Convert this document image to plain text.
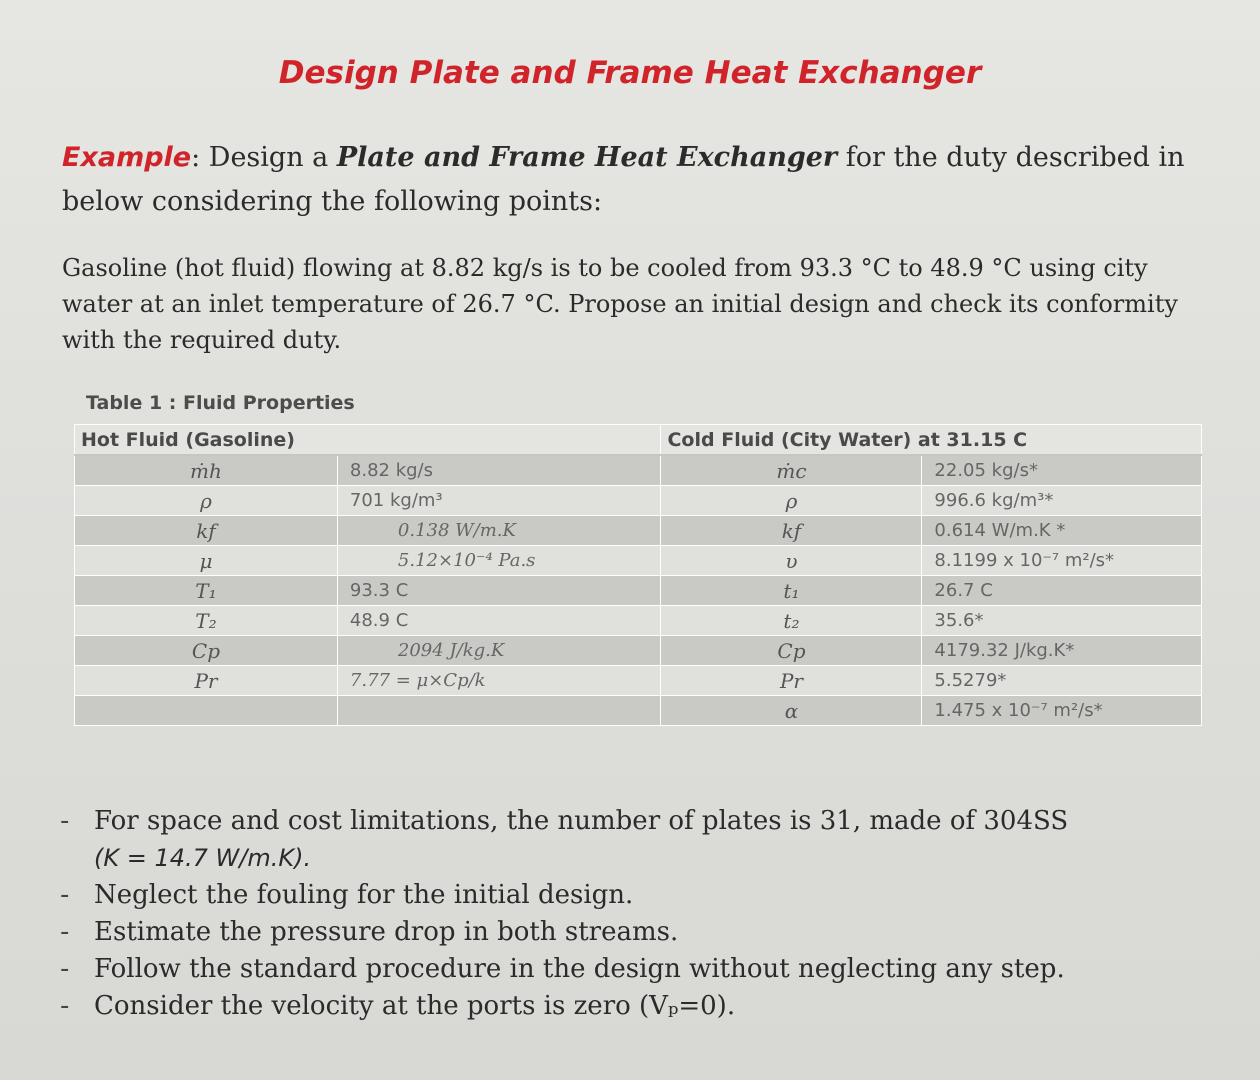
Design Plate and Frame Heat Exchanger
Example: Design a Plate and Frame Heat Exchanger for the duty described in below considering the following points:
Gasoline (hot fluid) flowing at 8.82 kg/s is to be cooled from 93.3 °C to 48.9 °C using city water at an inlet temperature of 26.7 °C. Propose an initial design and check its conformity with the required duty.
Table 1 : Fluid Properties
Hot Fluid (Gasoline)		Cold Fluid (City Water) at 31.15 C	
ṁh	8.82 kg/s	ṁc	22.05 kg/s*
ρ	701 kg/m³	ρ	996.6 kg/m³*
kf	0.138 W/m.K	kf	0.614 W/m.K *
μ	5.12×10⁻⁴ Pa.s	υ	8.1199 x 10⁻⁷ m²/s*
T₁	93.3 C	t₁	26.7 C
T₂	48.9 C	t₂	35.6*
Cp	2094 J/kg.K	Cp	4179.32 J/kg.K*
Pr	7.77 = μ×Cp/k	Pr	5.5279*
		α	1.475 x 10⁻⁷ m²/s*
- For space and cost limitations, the number of plates is 31, made of 304SS
(K = 14.7 W/m.K).
- Neglect the fouling for the initial design.
- Estimate the pressure drop in both streams.
- Follow the standard procedure in the design without neglecting any step.
- Consider the velocity at the ports is zero (Vₚ=0).
